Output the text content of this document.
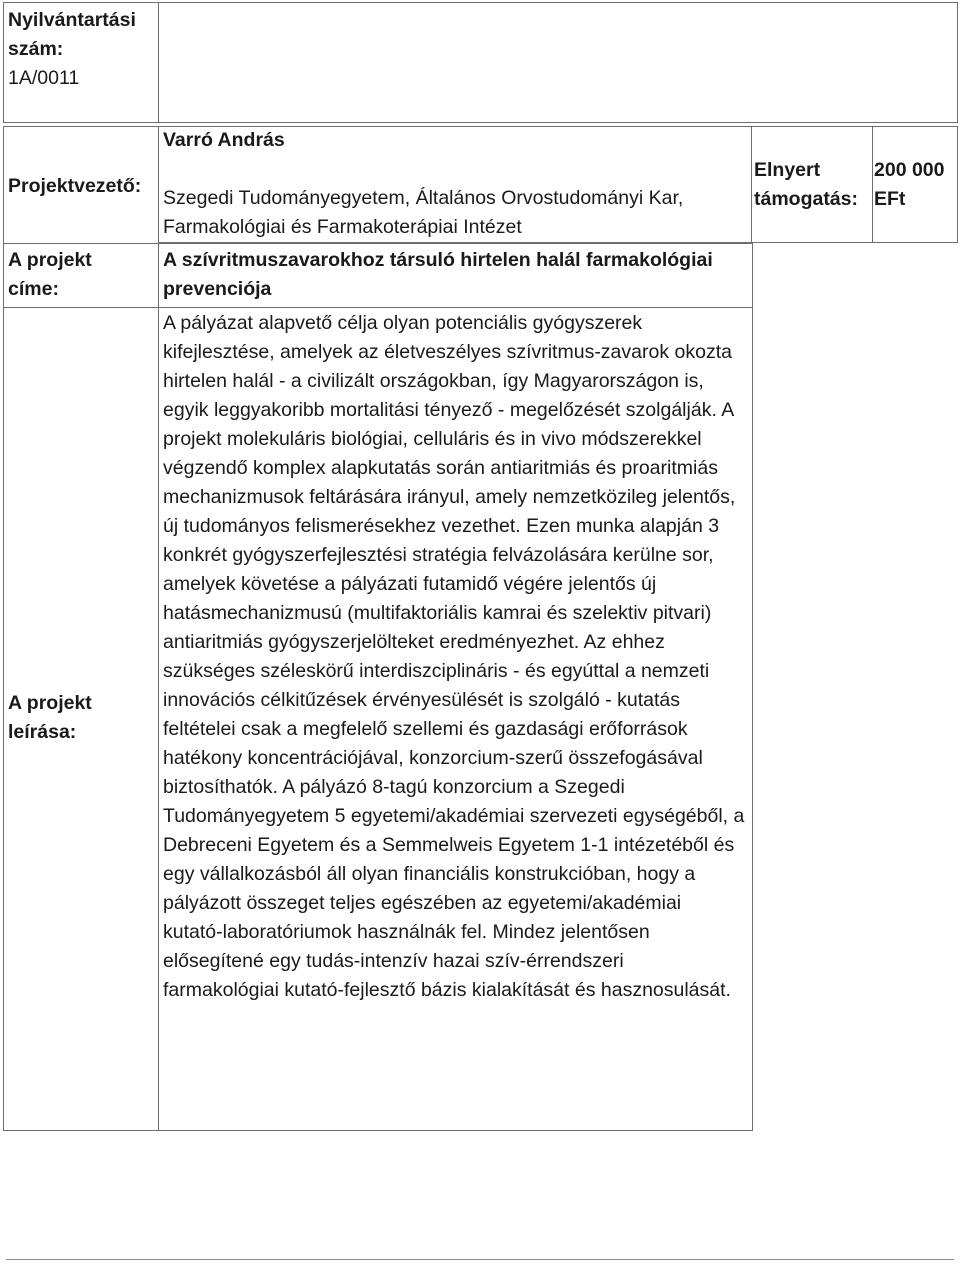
Nyilvántartási szám:
1A/0011

Projektvezető:

Varró András

Szegedi Tudományegyetem, Általános Orvostudományi Kar, Farmakológiai és Farmakoterápiai Intézet

Elnyert támogatás:

200 000 EFt

A projekt címe:

A szívritmuszavarokhoz társuló hirtelen halál farmakológiai prevenciója

A projekt leírása:

A pályázat alapvető célja olyan potenciális gyógyszerek kifejlesztése, amelyek az életveszélyes szívritmus-zavarok okozta hirtelen halál - a civilizált országokban, így Magyarországon is, egyik leggyakoribb mortalitási tényező - megelőzését szolgálják. A projekt molekuláris biológiai, celluláris és in vivo módszerekkel végzendő komplex alapkutatás során antiaritmiás és proaritmiás mechanizmusok feltárására irányul, amely nemzetközileg jelentős, új tudományos felismerésekhez vezethet. Ezen munka alapján 3 konkrét gyógyszerfejlesztési stratégia felvázolására kerülne sor, amelyek követése a pályázati futamidő végére jelentős új hatásmechanizmusú (multifaktoriális kamrai és szelektiv pitvari) antiaritmiás gyógyszerjelölteket eredményezhet. Az ehhez szükséges széleskörű interdiszciplináris - és egyúttal a nemzeti innovációs célkitűzések érvényesülését is szolgáló - kutatás feltételei csak a megfelelő szellemi és gazdasági erőforrások hatékony koncentrációjával, konzorcium-szerű összefogásával biztosíthatók. A pályázó 8-tagú konzorcium a Szegedi Tudományegyetem 5 egyetemi/akadémiai szervezeti egységéből, a Debreceni Egyetem és a Semmelweis Egyetem 1-1 intézetéből és egy vállalkozásból áll olyan financiális konstrukcióban, hogy a pályázott összeget teljes egészében az egyetemi/akadémiai kutató-laboratóriumok használnák fel. Mindez jelentősen elősegítené egy tudás-intenzív hazai szív-érrendszeri farmakológiai kutató-fejlesztő bázis kialakítását és hasznosulását.
